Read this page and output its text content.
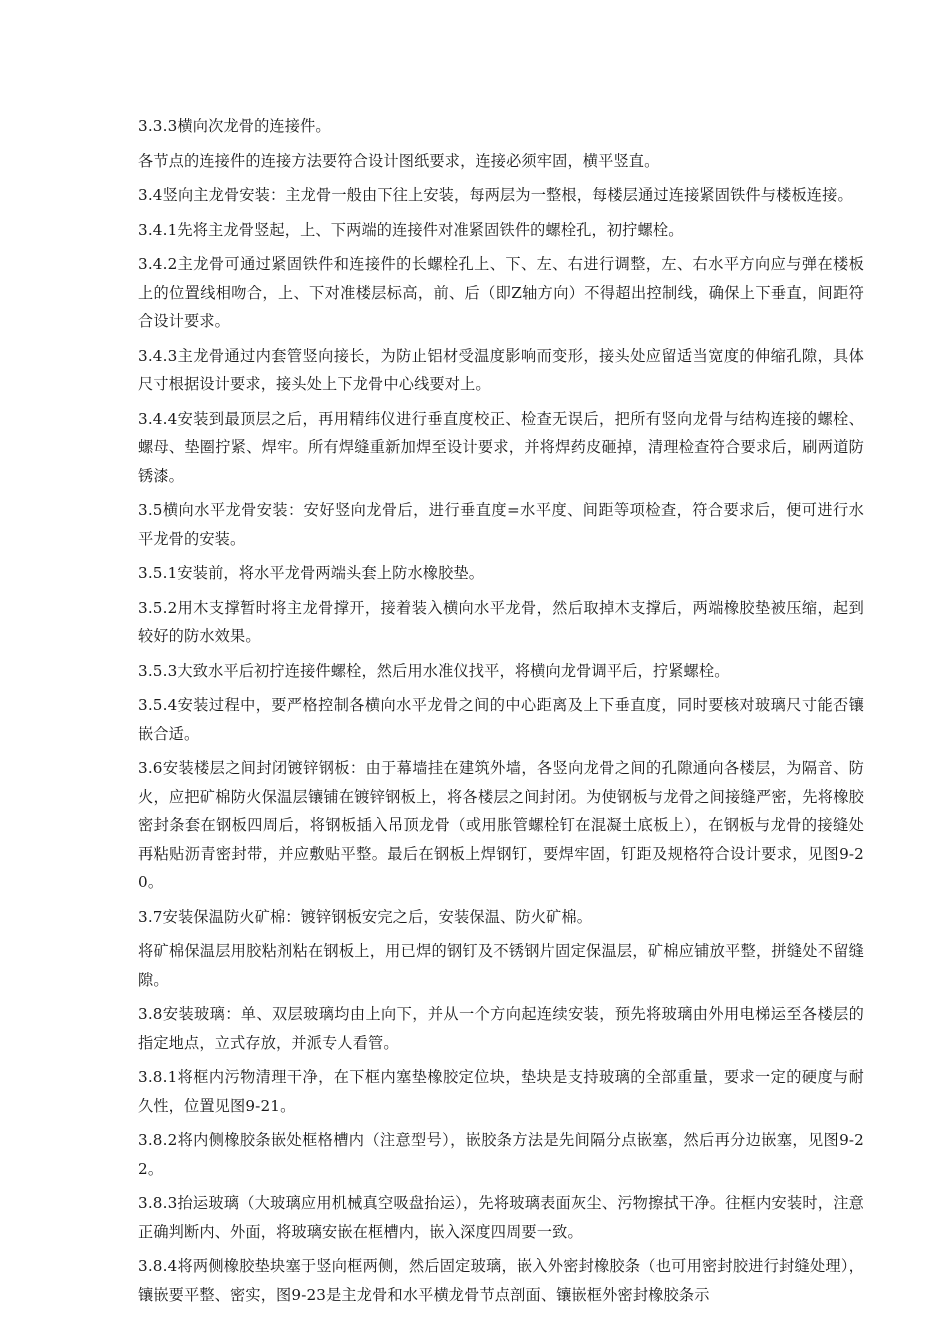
3.3.3横向次龙骨的连接件。

各节点的连接件的连接方法要符合设计图纸要求，连接必须牢固，横平竖直。

3.4竖向主龙骨安装：主龙骨一般由下往上安装，每两层为一整根，每楼层通过连接紧固铁件与楼板连接。

3.4.1先将主龙骨竖起，上、下两端的连接件对准紧固铁件的螺栓孔，初拧螺栓。

3.4.2主龙骨可通过紧固铁件和连接件的长螺栓孔上、下、左、右进行调整，左、右水平方向应与弹在楼板上的位置线相吻合，上、下对准楼层标高，前、后（即Z轴方向）不得超出控制线，确保上下垂直，间距符合设计要求。

3.4.3主龙骨通过内套管竖向接长，为防止铝材受温度影响而变形，接头处应留适当宽度的伸缩孔隙，具体尺寸根据设计要求，接头处上下龙骨中心线要对上。

3.4.4安装到最顶层之后，再用精纬仪进行垂直度校正、检查无误后，把所有竖向龙骨与结构连接的螺栓、螺母、垫圈拧紧、焊牢。所有焊缝重新加焊至设计要求，并将焊药皮砸掉，清理检查符合要求后，刷两道防锈漆。

3.5横向水平龙骨安装：安好竖向龙骨后，进行垂直度=水平度、间距等项检查，符合要求后，便可进行水平龙骨的安装。

3.5.1安装前，将水平龙骨两端头套上防水橡胶垫。

3.5.2用木支撑暂时将主龙骨撑开，接着装入横向水平龙骨，然后取掉木支撑后，两端橡胶垫被压缩，起到较好的防水效果。

3.5.3大致水平后初拧连接件螺栓，然后用水准仪找平，将横向龙骨调平后，拧紧螺栓。

3.5.4安装过程中，要严格控制各横向水平龙骨之间的中心距离及上下垂直度，同时要核对玻璃尺寸能否镶嵌合适。

3.6安装楼层之间封闭镀锌钢板：由于幕墙挂在建筑外墙，各竖向龙骨之间的孔隙通向各楼层，为隔音、防火，应把矿棉防火保温层镶铺在镀锌钢板上，将各楼层之间封闭。为使钢板与龙骨之间接缝严密，先将橡胶密封条套在钢板四周后，将钢板插入吊顶龙骨（或用胀管螺栓钉在混凝土底板上），在钢板与龙骨的接缝处再粘贴沥青密封带，并应敷贴平整。最后在钢板上焊钢钉，要焊牢固，钉距及规格符合设计要求，见图9-20。

3.7安装保温防火矿棉：镀锌钢板安完之后，安装保温、防火矿棉。

将矿棉保温层用胶粘剂粘在钢板上，用已焊的钢钉及不锈钢片固定保温层，矿棉应铺放平整，拼缝处不留缝隙。

3.8安装玻璃：单、双层玻璃均由上向下，并从一个方向起连续安装，预先将玻璃由外用电梯运至各楼层的指定地点，立式存放，并派专人看管。

3.8.1将框内污物清理干净，在下框内塞垫橡胶定位块，垫块是支持玻璃的全部重量，要求一定的硬度与耐久性，位置见图9-21。

3.8.2将内侧橡胶条嵌处框格槽内（注意型号），嵌胶条方法是先间隔分点嵌塞，然后再分边嵌塞，见图9-22。

3.8.3抬运玻璃（大玻璃应用机械真空吸盘抬运），先将玻璃表面灰尘、污物擦拭干净。往框内安装时，注意正确判断内、外面，将玻璃安嵌在框槽内，嵌入深度四周要一致。

3.8.4将两侧橡胶垫块塞于竖向框两侧，然后固定玻璃，嵌入外密封橡胶条（也可用密封胶进行封缝处理），镶嵌要平整、密实，图9-23是主龙骨和水平横龙骨节点剖面、镶嵌框外密封橡胶条示
